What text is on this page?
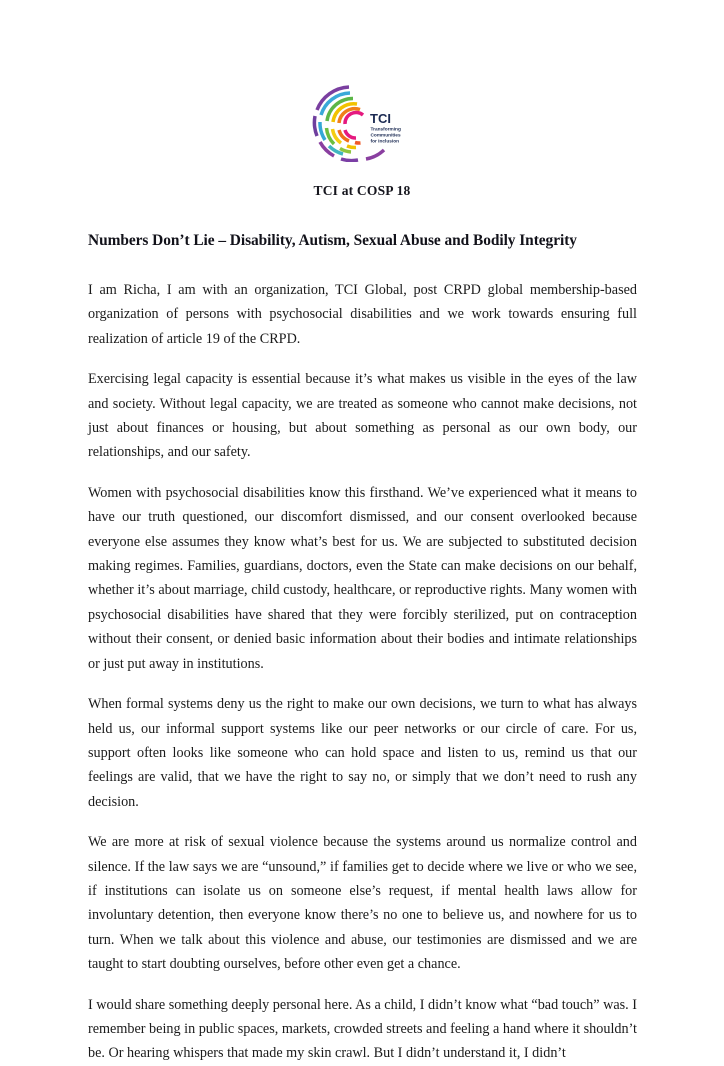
TCI
Transforming
Communities
for Inclusion
TCI at COSP 18
Numbers Don’t Lie – Disability, Autism, Sexual Abuse and Bodily Integrity

I am Richa, I am with an organization, TCI Global, post CRPD global membership-based organization of persons with psychosocial disabilities and we work towards ensuring full realization of article 19 of the CRPD.

Exercising legal capacity is essential because it’s what makes us visible in the eyes of the law and society. Without legal capacity, we are treated as someone who cannot make decisions, not just about finances or housing, but about something as personal as our own body, our relationships, and our safety.

Women with psychosocial disabilities know this firsthand. We’ve experienced what it means to have our truth questioned, our discomfort dismissed, and our consent overlooked because everyone else assumes they know what’s best for us. We are subjected to substituted decision making regimes. Families, guardians, doctors, even the State can make decisions on our behalf, whether it’s about marriage, child custody, healthcare, or reproductive rights. Many women with psychosocial disabilities have shared that they were forcibly sterilized, put on contraception without their consent, or denied basic information about their bodies and intimate relationships or just put away in institutions.

When formal systems deny us the right to make our own decisions, we turn to what has always held us, our informal support systems like our peer networks or our circle of care. For us, support often looks like someone who can hold space and listen to us, remind us that our feelings are valid, that we have the right to say no, or simply that we don’t need to rush any decision.

We are more at risk of sexual violence because the systems around us normalize control and silence. If the law says we are “unsound,” if families get to decide where we live or who we see, if institutions can isolate us on someone else’s request, if mental health laws allow for involuntary detention, then everyone know there’s no one to believe us, and nowhere for us to turn. When we talk about this violence and abuse, our testimonies are dismissed and we are taught to start doubting ourselves, before other even get a chance.

I would share something deeply personal here. As a child, I didn’t know what “bad touch” was. I remember being in public spaces, markets, crowded streets and feeling a hand where it shouldn’t be. Or hearing whispers that made my skin crawl. But I didn’t understand it, I didn’t
